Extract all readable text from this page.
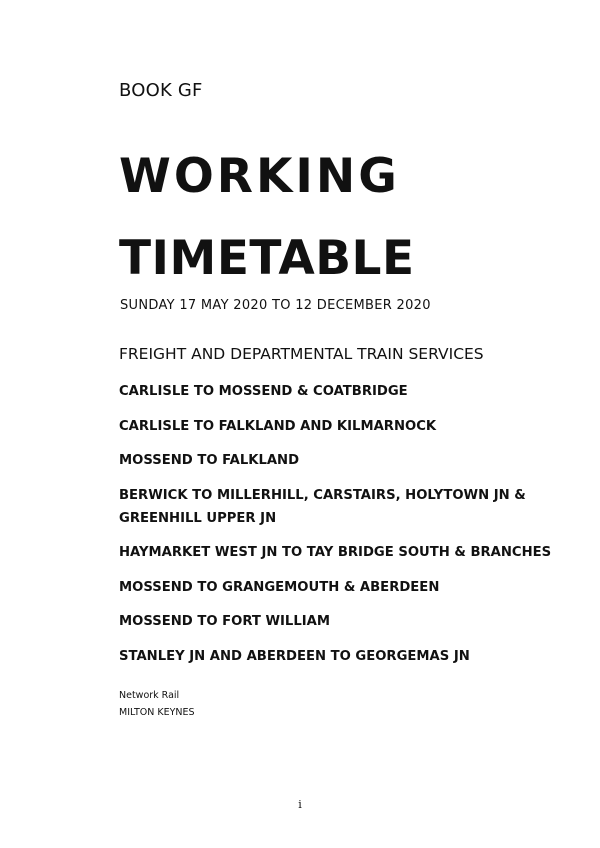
BOOK GF
WORKING
TIMETABLE
SUNDAY 17 MAY 2020 TO 12 DECEMBER 2020
FREIGHT AND DEPARTMENTAL TRAIN SERVICES
CARLISLE TO MOSSEND & COATBRIDGE
CARLISLE TO FALKLAND AND KILMARNOCK
MOSSEND TO FALKLAND
BERWICK TO MILLERHILL, CARSTAIRS, HOLYTOWN JN &
GREENHILL UPPER JN
HAYMARKET WEST JN TO TAY BRIDGE SOUTH & BRANCHES
MOSSEND TO GRANGEMOUTH & ABERDEEN
MOSSEND TO FORT WILLIAM
STANLEY JN AND ABERDEEN TO GEORGEMAS JN
Network Rail
MILTON KEYNES
i
